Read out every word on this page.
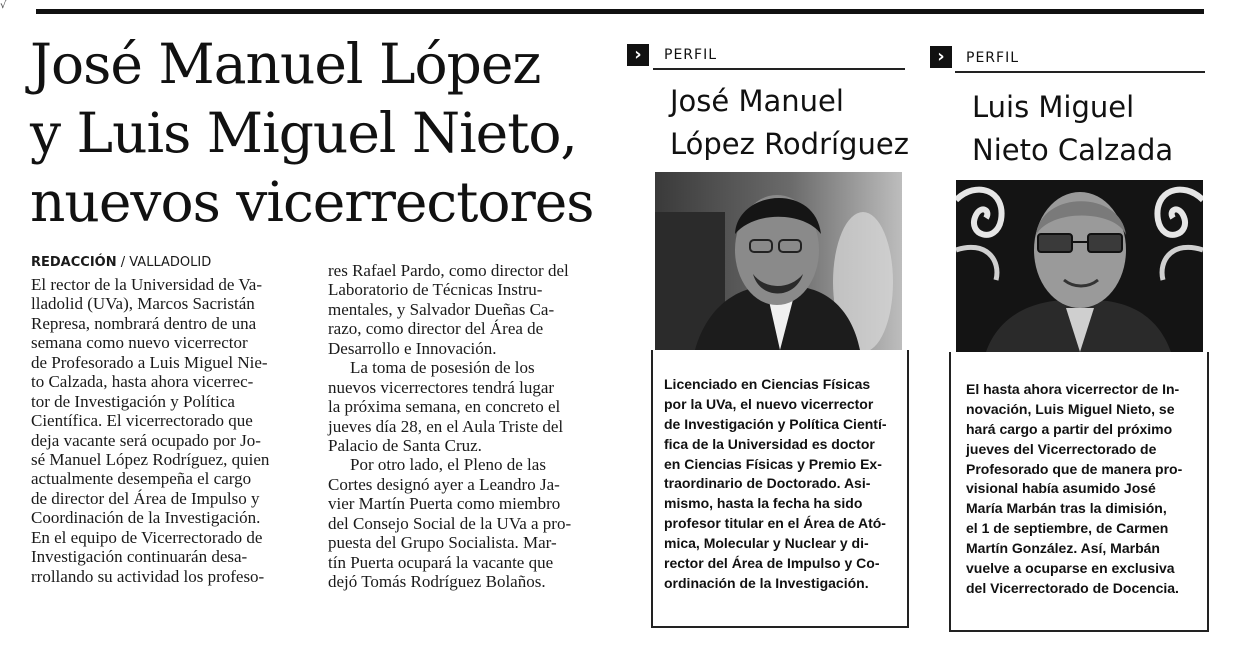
√
José Manuel López
y Luis Miguel Nieto,
nuevos vicerrectores
REDACCIÓN / VALLADOLID
El rector de la Universidad de Va-
lladolid (UVa), Marcos Sacristán
Represa, nombrará dentro de una
semana como nuevo vicerrector
de Profesorado a Luis Miguel Nie-
to Calzada, hasta ahora vicerrec-
tor de Investigación y Política
Científica. El vicerrectorado que
deja vacante será ocupado por Jo-
sé Manuel López Rodríguez, quien
actualmente desempeña el cargo
de director del Área de Impulso y
Coordinación de la Investigación.
En el equipo de Vicerrectorado de
Investigación continuarán desa-
rrollando su actividad los profeso-
res Rafael Pardo, como director del
Laboratorio de Técnicas Instru-
mentales, y Salvador Dueñas Ca-
razo, como director del Área de
Desarrollo e Innovación.
La toma de posesión de los
nuevos vicerrectores tendrá lugar
la próxima semana, en concreto el
jueves día 28, en el Aula Triste del
Palacio de Santa Cruz.
Por otro lado, el Pleno de las
Cortes designó ayer a Leandro Ja-
vier Martín Puerta como miembro
del Consejo Social de la UVa a pro-
puesta del Grupo Socialista. Mar-
tín Puerta ocupará la vacante que
dejó Tomás Rodríguez Bolaños.
›	PERFIL
José Manuel
López Rodríguez
Licenciado en Ciencias Físicas
por la UVa, el nuevo vicerrector
de Investigación y Política Cientí-
fica de la Universidad es doctor
en Ciencias Físicas y Premio Ex-
traordinario de Doctorado. Asi-
mismo, hasta la fecha ha sido
profesor titular en el Área de Ató-
mica, Molecular y Nuclear y di-
rector del Área de Impulso y Co-
ordinación de la Investigación.
›	PERFIL
Luis Miguel
Nieto Calzada
El hasta ahora vicerrector de In-
novación, Luis Miguel Nieto, se
hará cargo a partir del próximo
jueves del Vicerrectorado de
Profesorado que de manera pro-
visional había asumido José
María Marbán tras la dimisión,
el 1 de septiembre, de Carmen
Martín González. Así, Marbán
vuelve a ocuparse en exclusiva
del Vicerrectorado de Docencia.
